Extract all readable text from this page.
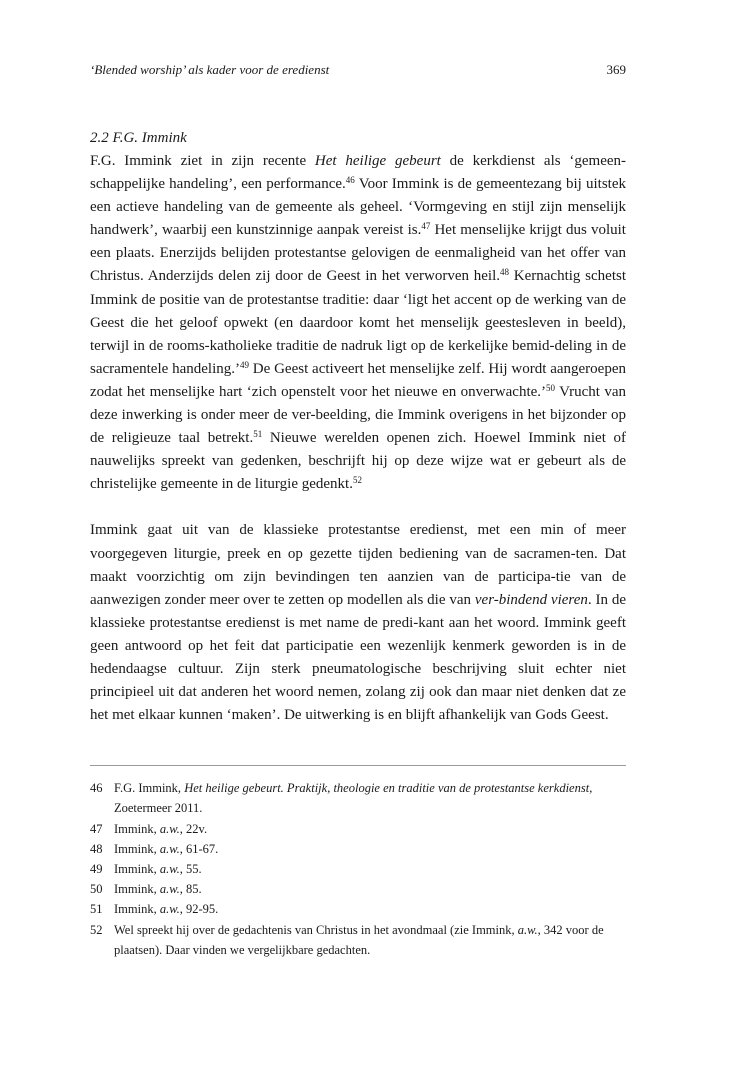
‘Blended worship’ als kader voor de eredienst	369
2.2 F.G. Immink

F.G. Immink ziet in zijn recente Het heilige gebeurt de kerkdienst als ‘gemeen-schappelijke handeling’, een performance.$^{46}$ Voor Immink is de gemeentezang bij uitstek een actieve handeling van de gemeente als geheel. ‘Vormgeving en stijl zijn menselijk handwerk’, waarbij een kunstzinnige aanpak vereist is.$^{47}$ Het menselijke krijgt dus voluit een plaats. Enerzijds belijden protestantse gelovigen de eenmaligheid van het offer van Christus. Anderzijds delen zij door de Geest in het verworven heil.$^{48}$ Kernachtig schetst Immink de positie van de protestantse traditie: daar ‘ligt het accent op de werking van de Geest die het geloof opwekt (en daardoor komt het menselijk geestesleven in beeld), terwijl in de rooms-katholieke traditie de nadruk ligt op de kerkelijke bemid-deling in de sacramentele handeling.’$^{49}$ De Geest activeert het menselijke zelf. Hij wordt aangeroepen zodat het menselijke hart ‘zich openstelt voor het nieuwe en onverwachte.’$^{50}$ Vrucht van deze inwerking is onder meer de ver-beelding, die Immink overigens in het bijzonder op de religieuze taal betrekt.$^{51}$ Nieuwe werelden openen zich. Hoewel Immink niet of nauwelijks spreekt van gedenken, beschrijft hij op deze wijze wat er gebeurt als de christelijke gemeente in de liturgie gedenkt.$^{52}$

Immink gaat uit van de klassieke protestantse eredienst, met een min of meer voorgegeven liturgie, preek en op gezette tijden bediening van de sacramen-ten. Dat maakt voorzichtig om zijn bevindingen ten aanzien van de participa-tie van de aanwezigen zonder meer over te zetten op modellen als die van ver-bindend vieren. In de klassieke protestantse eredienst is met name de predi-kant aan het woord. Immink geeft geen antwoord op het feit dat participatie een wezenlijk kenmerk geworden is in de hedendaagse cultuur. Zijn sterk pneumatologische beschrijving sluit echter niet principieel uit dat anderen het woord nemen, zolang zij ook dan maar niet denken dat ze het met elkaar kunnen ‘maken’. De uitwerking is en blijft afhankelijk van Gods Geest.

46 F.G. Immink, Het heilige gebeurt. Praktijk, theologie en traditie van de protestantse kerkdienst, Zoetermeer 2011.
47 Immink, a.w., 22v.
48 Immink, a.w., 61-67.
49 Immink, a.w., 55.
50 Immink, a.w., 85.
51 Immink, a.w., 92-95.
52 Wel spreekt hij over de gedachtenis van Christus in het avondmaal (zie Immink, a.w., 342 voor de plaatsen). Daar vinden we vergelijkbare gedachten.
